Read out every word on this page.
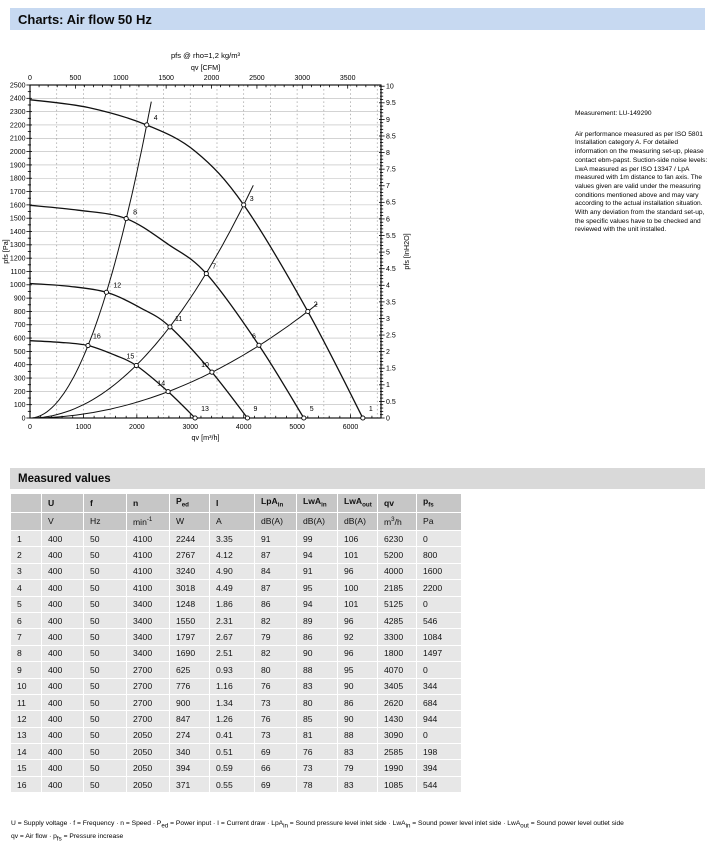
Charts: Air flow 50 Hz
0
100
200
300
400
500
600
700
800
900
1000
1100
1200
1300
1400
1500
1600
1700
1800
1900
2000
2100
2200
2300
2400
2500
0
0.5
1
1.5
2
2.5
3
3.5
4
4.5
5
5.5
6
6.5
7
7.5
8
8.5
9
9.5
10
0	500	1000	1500	2000	2500	3000	3500
0	1000	2000	3000	4000	5000	6000
1
2
3
4
5
6
7
8
9
10
11
12
13
14
15
16
pfs @ rho=1,2 kg/m³
qv [CFM]
qv [m³/h]
pfs [Pa]	pfs [InH2O]
Measurement: LU-149290
Air performance measured as per ISO 5801 Installation category A. For detailed information on the measuring set-up, please contact ebm-papst. Suction-side noise levels: LwA measured as per ISO 13347 / LpA measured with 1m distance to fan axis. The values given are valid under the measuring conditions mentioned above and may vary according to the actual installation situation. With any deviation from the standard set-up, the specific values have to be checked and reviewed with the unit installed.
Measured values
	U	f	n	$P_{ed}$	I	LpA$_{in}$	LwA$_{in}$	LwA$_{out}$	qv	$p_{fs}$
	V	Hz	$\min^{-1}$	W	A	dB(A)	dB(A)	dB(A)	$m^3/h$	Pa
1	400	50	4100	2244	3.35	91	99	106	6230	0
2	400	50	4100	2767	4.12	87	94	101	5200	800
3	400	50	4100	3240	4.90	84	91	96	4000	1600
4	400	50	4100	3018	4.49	87	95	100	2185	2200
5	400	50	3400	1248	1.86	86	94	101	5125	0
6	400	50	3400	1550	2.31	82	89	96	4285	546
7	400	50	3400	1797	2.67	79	86	92	3300	1084
8	400	50	3400	1690	2.51	82	90	96	1800	1497
9	400	50	2700	625	0.93	80	88	95	4070	0
10	400	50	2700	776	1.16	76	83	90	3405	344
11	400	50	2700	900	1.34	73	80	86	2620	684
12	400	50	2700	847	1.26	76	85	90	1430	944
13	400	50	2050	274	0.41	73	81	88	3090	0
14	400	50	2050	340	0.51	69	76	83	2585	198
15	400	50	2050	394	0.59	66	73	79	1990	394
16	400	50	2050	371	0.55	69	78	83	1085	544
U = Supply voltage · f = Frequency · n = Speed · $P_{ed}$ = Power input · I = Current draw · LpA$_{in}$ = Sound pressure level inlet side · LwA$_{in}$ = Sound power level inlet side · LwA$_{out}$ = Sound power level outlet side
qv = Air flow · $p_{fs}$ = Pressure increase
